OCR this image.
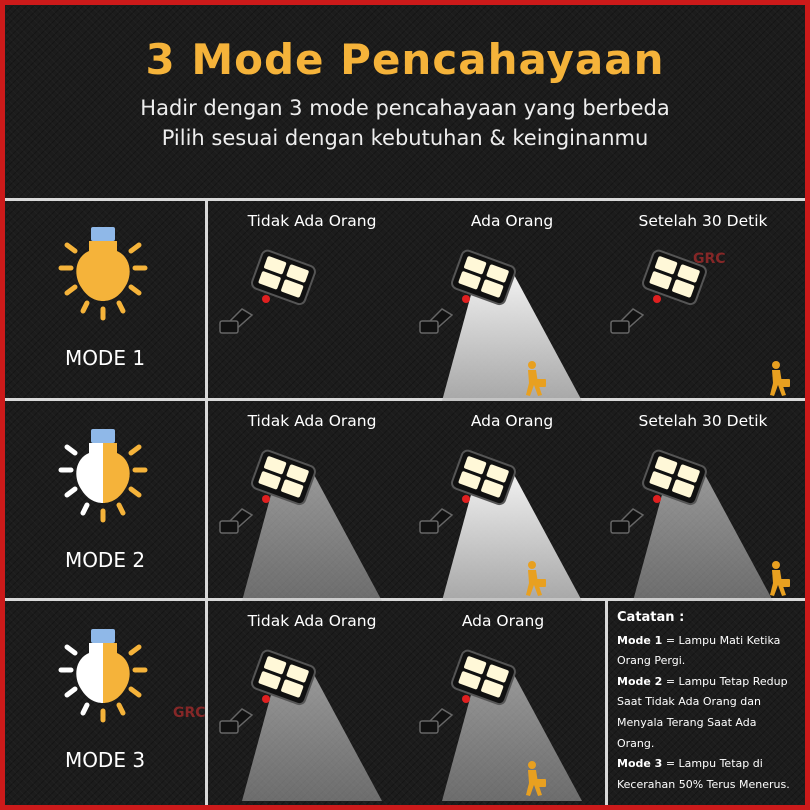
3 Mode Pencahayaan
Hadir dengan 3 mode pencahayaan yang berbeda
Pilih sesuai dengan kebutuhan & keinginanmu
MODE 1
MODE 2
MODE 3
Tidak Ada Orang	Ada Orang	Setelah 30 Detik
Tidak Ada Orang	Ada Orang	Setelah 30 Detik
Tidak Ada Orang	Ada Orang
GRC
GRC
Catatan :
Mode 1 = Lampu Mati Ketika
Orang Pergi.
Mode 2 = Lampu Tetap Redup
Saat Tidak Ada Orang dan
Menyala Terang Saat Ada
Orang.
Mode 3 = Lampu Tetap di
Kecerahan 50% Terus Menerus.
